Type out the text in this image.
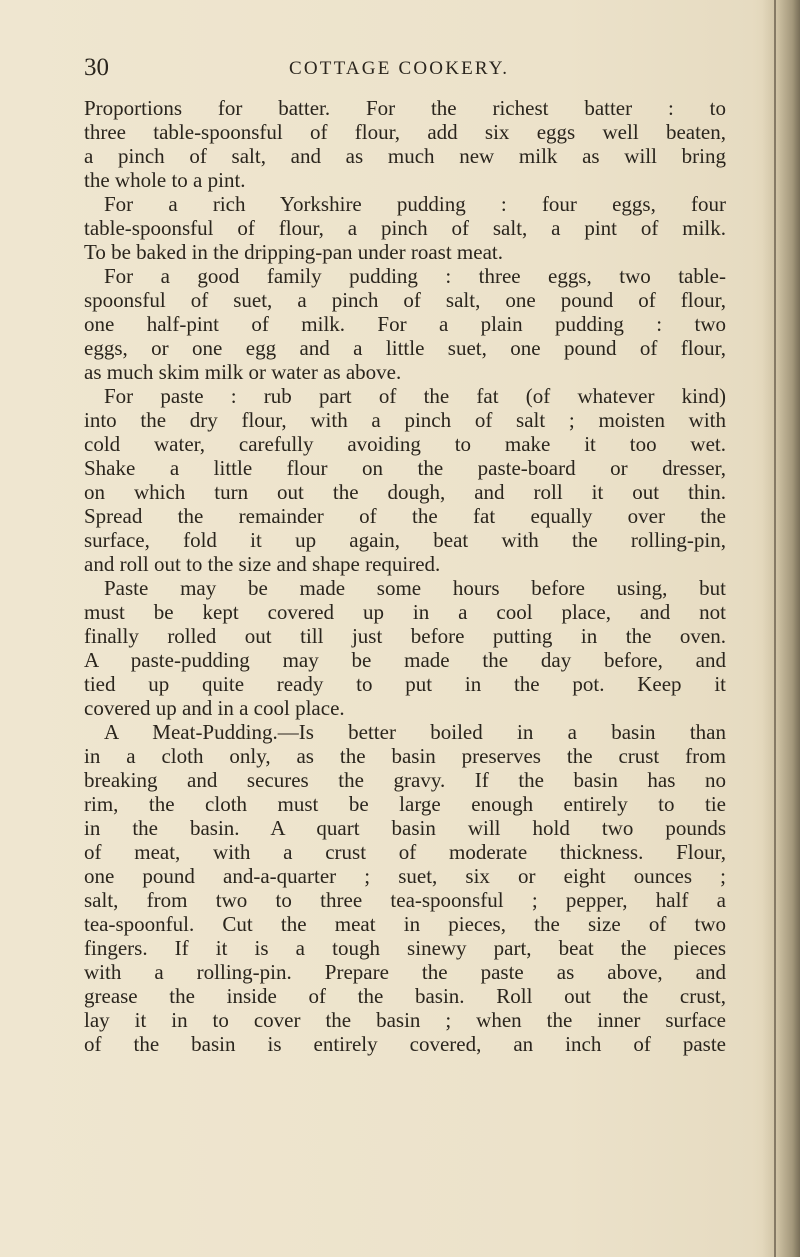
30	COTTAGE COOKERY.
Proportions for batter. For the richest batter : to
three table-spoonsful of flour, add six eggs well beaten,
a pinch of salt, and as much new milk as will bring
the whole to a pint.
For a rich Yorkshire pudding : four eggs, four
table-spoonsful of flour, a pinch of salt, a pint of milk.
To be baked in the dripping-pan under roast meat.
For a good family pudding : three eggs, two table-
spoonsful of suet, a pinch of salt, one pound of flour,
one half-pint of milk. For a plain pudding : two
eggs, or one egg and a little suet, one pound of flour,
as much skim milk or water as above.
For paste : rub part of the fat (of whatever kind)
into the dry flour, with a pinch of salt ; moisten with
cold water, carefully avoiding to make it too wet.
Shake a little flour on the paste-board or dresser,
on which turn out the dough, and roll it out thin.
Spread the remainder of the fat equally over the
surface, fold it up again, beat with the rolling-pin,
and roll out to the size and shape required.
Paste may be made some hours before using, but
must be kept covered up in a cool place, and not
finally rolled out till just before putting in the oven.
A paste-pudding may be made the day before, and
tied up quite ready to put in the pot. Keep it
covered up and in a cool place.
A Meat-Pudding.—Is better boiled in a basin than
in a cloth only, as the basin preserves the crust from
breaking and secures the gravy. If the basin has no
rim, the cloth must be large enough entirely to tie
in the basin. A quart basin will hold two pounds
of meat, with a crust of moderate thickness. Flour,
one pound and-a-quarter ; suet, six or eight ounces ;
salt, from two to three tea-spoonsful ; pepper, half a
tea-spoonful. Cut the meat in pieces, the size of two
fingers. If it is a tough sinewy part, beat the pieces
with a rolling-pin. Prepare the paste as above, and
grease the inside of the basin. Roll out the crust,
lay it in to cover the basin ; when the inner surface
of the basin is entirely covered, an inch of paste
